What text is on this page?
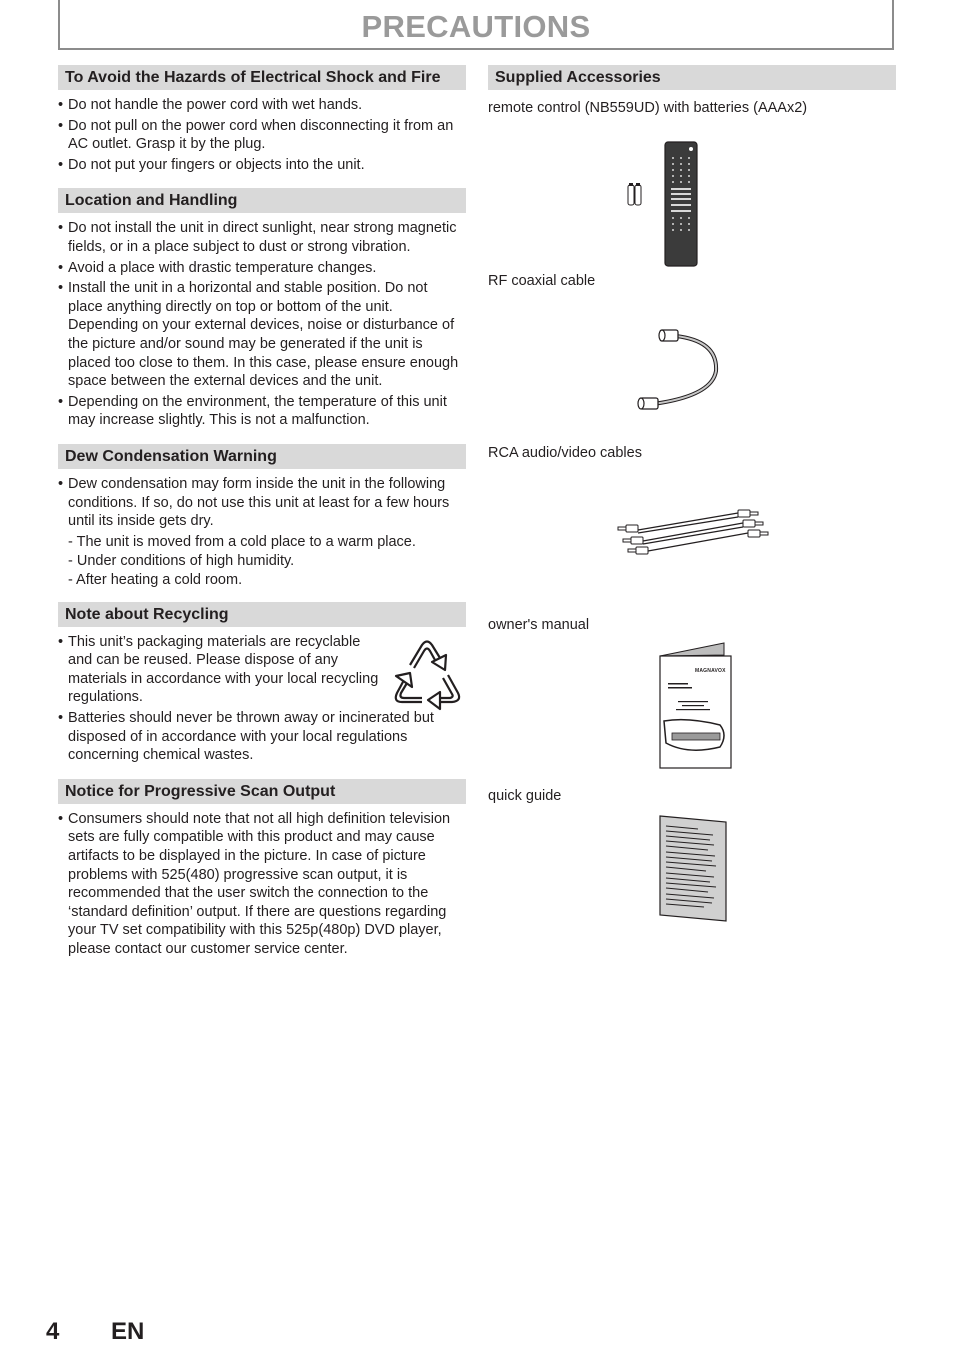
PRECAUTIONS
To Avoid the Hazards of Electrical Shock and Fire
• Do not handle the power cord with wet hands.
• Do not pull on the power cord when disconnecting it from an AC outlet. Grasp it by the plug.
• Do not put your fingers or objects into the unit.
Location and Handling
• Do not install the unit in direct sunlight, near strong magnetic fields, or in a place subject to dust or strong vibration.
• Avoid a place with drastic temperature changes.
• Install the unit in a horizontal and stable position. Do not place anything directly on top or bottom of the unit. Depending on your external devices, noise or disturbance of the picture and/or sound may be generated if the unit is placed too close to them. In this case, please ensure enough space between the external devices and the unit.
• Depending on the environment, the temperature of this unit may increase slightly. This is not a malfunction.
Dew Condensation Warning
• Dew condensation may form inside the unit in the following conditions. If so, do not use this unit at least for a few hours until its inside gets dry.
- The unit is moved from a cold place to a warm place.
- Under conditions of high humidity.
- After heating a cold room.
Note about Recycling
• This unit’s packaging materials are recyclable and can be reused. Please dispose of any materials in accordance with your local recycling regulations.
• Batteries should never be thrown away or incinerated but disposed of in accordance with your local regulations concerning chemical wastes.
Notice for Progressive Scan Output
• Consumers should note that not all high definition television sets are fully compatible with this product and may cause artifacts to be displayed in the picture. In case of picture problems with 525(480) progressive scan output, it is recommended that the user switch the connection to the ‘standard definition’ output. If there are questions regarding your TV set compatibility with this 525p(480p) DVD player, please contact our customer service center.
Supplied Accessories
remote control (NB559UD) with batteries (AAAx2)
RF coaxial cable
RCA audio/video cables
owner's manual
MAGNAVOX
quick guide
4 EN
